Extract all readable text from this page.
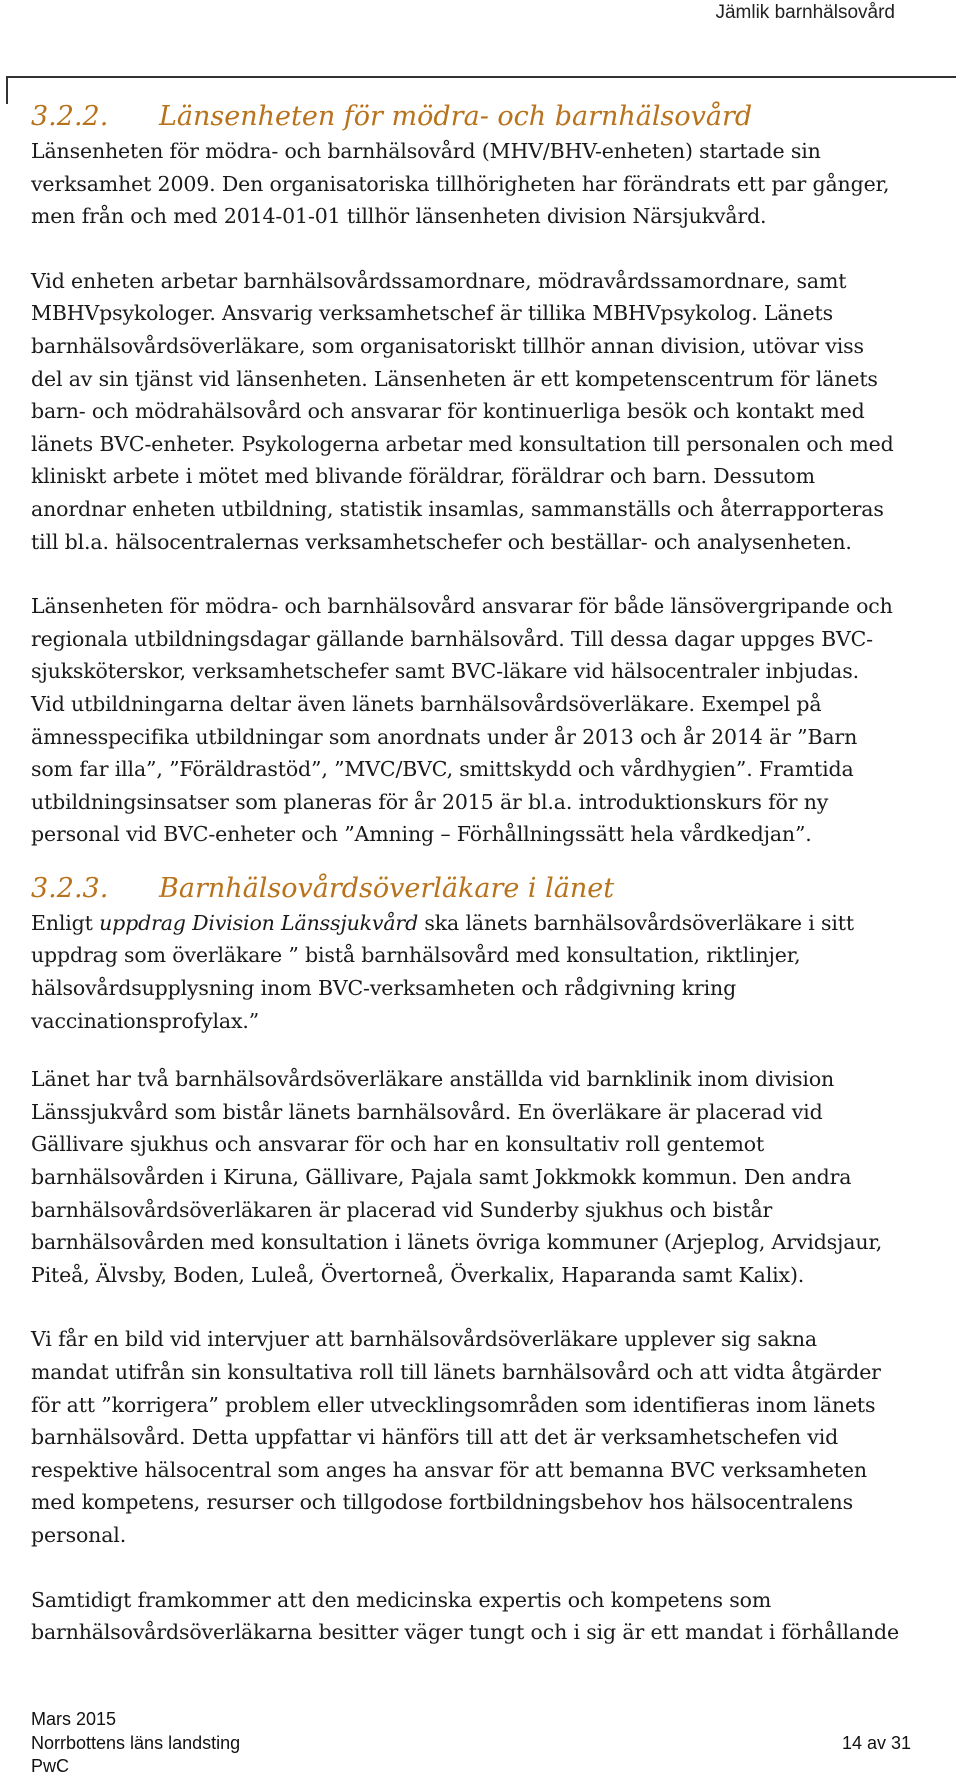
Jämlik barnhälsovård
3.2.2. Länsenheten för mödra- och barnhälsovård

Länsenheten för mödra- och barnhälsovård (MHV/BHV-enheten) startade sin

verksamhet 2009. Den organisatoriska tillhörigheten har förändrats ett par gånger,

men från och med 2014-01-01 tillhör länsenheten division Närsjukvård.

Vid enheten arbetar barnhälsovårdssamordnare, mödravårdssamordnare, samt

MBHVpsykologer. Ansvarig verksamhetschef är tillika MBHVpsykolog. Länets

barnhälsovårdsöverläkare, som organisatoriskt tillhör annan division, utövar viss

del av sin tjänst vid länsenheten. Länsenheten är ett kompetenscentrum för länets

barn- och mödrahälsovård och ansvarar för kontinuerliga besök och kontakt med

länets BVC-enheter. Psykologerna arbetar med konsultation till personalen och med

kliniskt arbete i mötet med blivande föräldrar, föräldrar och barn. Dessutom

anordnar enheten utbildning, statistik insamlas, sammanställs och återrapporteras

till bl.a. hälsocentralernas verksamhetschefer och beställar- och analysenheten.

Länsenheten för mödra- och barnhälsovård ansvarar för både länsövergripande och

regionala utbildningsdagar gällande barnhälsovård. Till dessa dagar uppges BVC-

sjuksköterskor, verksamhetschefer samt BVC-läkare vid hälsocentraler inbjudas.

Vid utbildningarna deltar även länets barnhälsovårdsöverläkare. Exempel på

ämnesspecifika utbildningar som anordnats under år 2013 och år 2014 är ”Barn

som far illa”, ”Föräldrastöd”, ”MVC/BVC, smittskydd och vårdhygien”. Framtida

utbildningsinsatser som planeras för år 2015 är bl.a. introduktionskurs för ny

personal vid BVC-enheter och ”Amning – Förhållningssätt hela vårdkedjan”.

3.2.3. Barnhälsovårdsöverläkare i länet

Enligt uppdrag Division Länssjukvård ska länets barnhälsovårdsöverläkare i sitt

uppdrag som överläkare ” bistå barnhälsovård med konsultation, riktlinjer,

hälsovårdsupplysning inom BVC-verksamheten och rådgivning kring

vaccinationsprofylax.”

Länet har två barnhälsovårdsöverläkare anställda vid barnklinik inom division

Länssjukvård som bistår länets barnhälsovård. En överläkare är placerad vid

Gällivare sjukhus och ansvarar för och har en konsultativ roll gentemot

barnhälsovården i Kiruna, Gällivare, Pajala samt Jokkmokk kommun. Den andra

barnhälsovårdsöverläkaren är placerad vid Sunderby sjukhus och bistår

barnhälsovården med konsultation i länets övriga kommuner (Arjeplog, Arvidsjaur,

Piteå, Älvsby, Boden, Luleå, Övertorneå, Överkalix, Haparanda samt Kalix).

Vi får en bild vid intervjuer att barnhälsovårdsöverläkare upplever sig sakna

mandat utifrån sin konsultativa roll till länets barnhälsovård och att vidta åtgärder

för att ”korrigera” problem eller utvecklingsområden som identifieras inom länets

barnhälsovård. Detta uppfattar vi hänförs till att det är verksamhetschefen vid

respektive hälsocentral som anges ha ansvar för att bemanna BVC verksamheten

med kompetens, resurser och tillgodose fortbildningsbehov hos hälsocentralens

personal.

Samtidigt framkommer att den medicinska expertis och kompetens som

barnhälsovårdsöverläkarna besitter väger tungt och i sig är ett mandat i förhållande

Mars 2015
Norrbottens läns landsting
PwC
14 av 31
